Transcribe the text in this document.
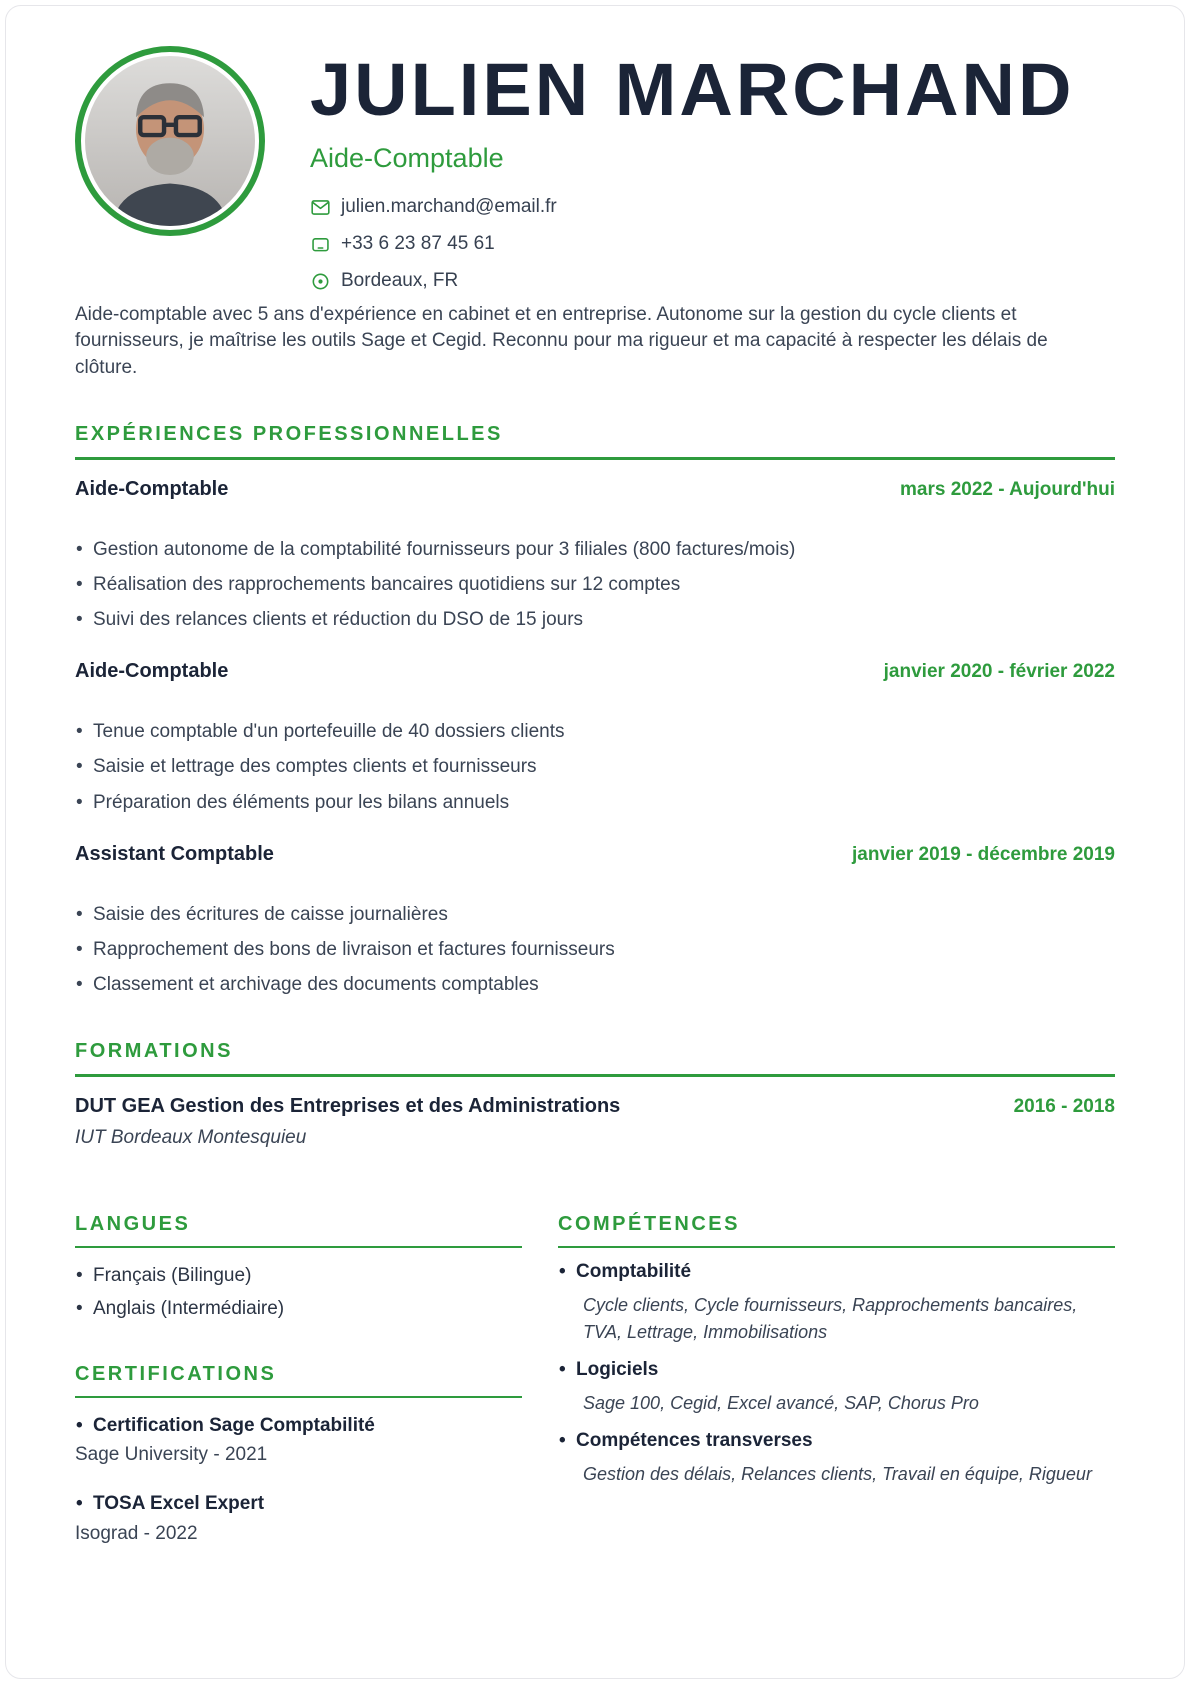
JULIEN MARCHAND
Aide-Comptable
julien.marchand@email.fr
+33 6 23 87 45 61
Bordeaux, FR
Aide-comptable avec 5 ans d'expérience en cabinet et en entreprise. Autonome sur la gestion du cycle clients et fournisseurs, je maîtrise les outils Sage et Cegid. Reconnu pour ma rigueur et ma capacité à respecter les délais de clôture.
EXPÉRIENCES PROFESSIONNELLES
Aide-Comptable	mars 2022 - Aujourd'hui
• Gestion autonome de la comptabilité fournisseurs pour 3 filiales (800 factures/mois)
• Réalisation des rapprochements bancaires quotidiens sur 12 comptes
• Suivi des relances clients et réduction du DSO de 15 jours
Aide-Comptable	janvier 2020 - février 2022
• Tenue comptable d'un portefeuille de 40 dossiers clients
• Saisie et lettrage des comptes clients et fournisseurs
• Préparation des éléments pour les bilans annuels
Assistant Comptable	janvier 2019 - décembre 2019
• Saisie des écritures de caisse journalières
• Rapprochement des bons de livraison et factures fournisseurs
• Classement et archivage des documents comptables
FORMATIONS
DUT GEA Gestion des Entreprises et des Administrations	2016 - 2018
IUT Bordeaux Montesquieu
LANGUES
• Français (Bilingue)
• Anglais (Intermédiaire)
CERTIFICATIONS
• Certification Sage Comptabilité
Sage University - 2021
• TOSA Excel Expert
Isograd - 2022
COMPÉTENCES
• Comptabilité
Cycle clients, Cycle fournisseurs, Rapprochements bancaires, TVA, Lettrage, Immobilisations
• Logiciels
Sage 100, Cegid, Excel avancé, SAP, Chorus Pro
• Compétences transverses
Gestion des délais, Relances clients, Travail en équipe, Rigueur
